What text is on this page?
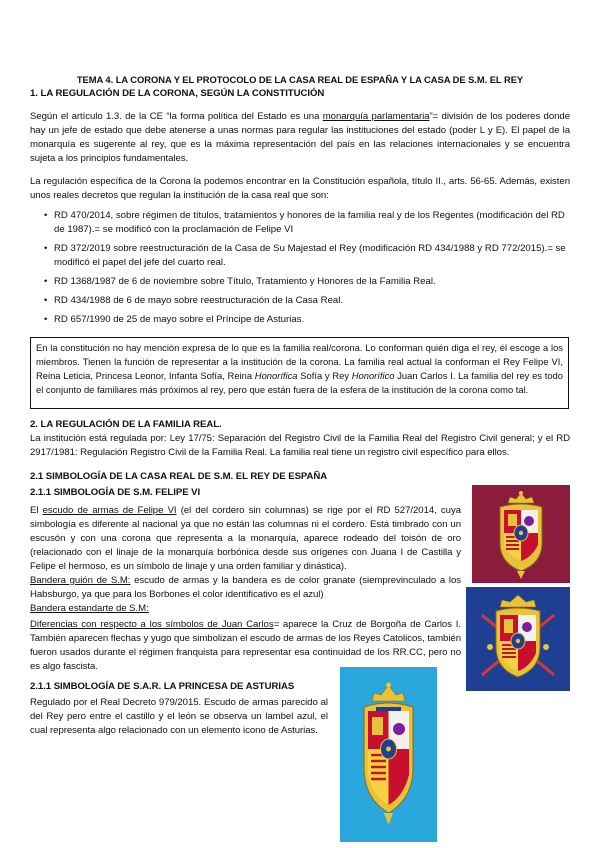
TEMA 4. LA CORONA Y EL PROTOCOLO DE LA CASA REAL DE ESPAÑA Y LA CASA DE S.M. EL REY
1. LA REGULACIÓN DE LA CORONA, SEGÚN LA CONSTITUCIÓN
Según el artículo 1.3. de la CE “la forma política del Estado es una monarquía parlamentaria”= división de los poderes donde hay un jefe de estado que debe atenerse a unas normas para regular las instituciones del estado (poder L y E). El papel de la monarquía es sugerente al rey, que es la máxima representación del país en las relaciones internacionales y se encuentra sujeta a los principios fundamentales.
La regulación específica de la Corona la podemos encontrar en la Constitución española, título II., arts. 56-65. Además, existen unos reales decretos que regulan la institución de la casa real que son:
• RD 470/2014, sobre régimen de títulos, tratamientos y honores de la familia real y de los Regentes (modificación del RD de 1987).= se modificó con la proclamación de Felipe VI
• RD 372/2019 sobre reestructuración de la Casa de Su Majestad el Rey (modificación RD 434/1988 y RD 772/2015).= se modificó el papel del jefe del cuarto real.
• RD 1368/1987 de 6 de noviembre sobre Título, Tratamiento y Honores de la Familia Real.
• RD 434/1988 de 6 de mayo sobre reestructuración de la Casa Real.
• RD 657/1990 de 25 de mayo sobre el Príncipe de Asturias.

En la constitución no hay mención expresa de lo que es la familia real/corona. Lo conforman quién diga el rey, él escoge a los miembros. Tienen la función de representar a la institución de la corona. La familia real actual la conforman el Rey Felipe VI, Reina Leticia, Princesa Leonor, Infanta Sofía, Reina Honorífica Sofía y Rey Honorífico Juan Carlos I. La familia del rey es todo el conjunto de familiares más próximos al rey, pero que están fuera de la esfera de la institución de la corona como tal.

2. LA REGULACIÓN DE LA FAMILIA REAL.
La institución está regulada por: Ley 17/75: Separación del Registro Civil de la Familia Real del Registro Civil general; y el RD 2917/1981: Regulación Registro Civil de la Familia Real. La familia real tiene un registro civil específico para ellos.
2.1 SIMBOLOGÍA DE LA CASA REAL DE S.M. EL REY DE ESPAÑA
2.1.1 SIMBOLOGÍA DE S.M. FELIPE VI
El escudo de armas de Felipe VI (el del cordero sin columnas) se rige por el RD 527/2014, cuya simbología es diferente al nacional ya que no están las columnas ni el cordero. Está timbrado con un escusón y con una corona que representa a la monarquía, aparece rodeado del toisón de oro (relacionado con el linaje de la monarquía borbónica desde sus orígenes con Juana I de Castilla y Felipe el hermoso, es un símbolo de linaje y una orden familiar y dinástica).
Bandera guión de S.M: escudo de armas y la bandera es de color granate (siemprevinculado a los Habsburgo, ya que para los Borbones el color identificativo es el azul)
Bandera estandarte de S.M:
Diferencias con respecto a los símbolos de Juan Carlos= aparece la Cruz de Borgoña de Carlos I. También aparecen flechas y yugo que simbolizan el escudo de armas de los Reyes Catolicos, también fueron usados durante el régimen franquista para representar esa continuidad de los RR.CC, pero no es algo fascista.
2.1.1 SIMBOLOGÍA DE S.A.R. LA PRINCESA DE ASTURIAS
Regulado por el Real Decreto 979/2015. Escudo de armas parecido al del Rey pero entre el castillo y el león se observa un lambel azul, el cual representa algo relacionado con un elemento icono de Asturias.
